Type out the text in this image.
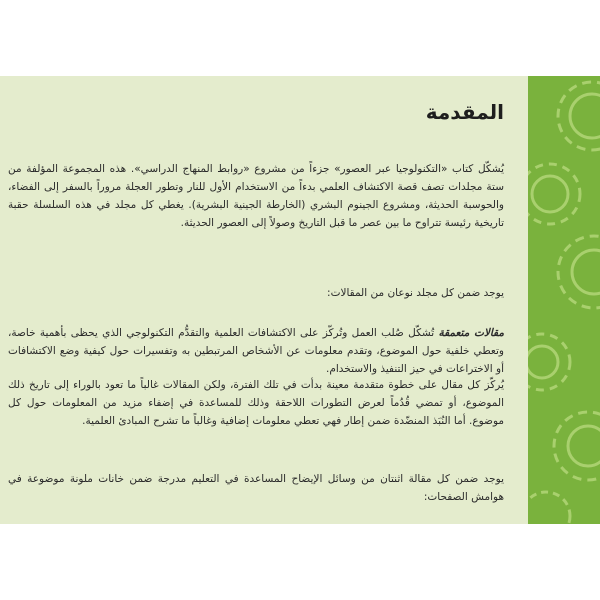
المقدمة

يُشكّل كتاب «التكنولوجيا عبر العصور» جزءاً من مشروع «روابط المنهاج الدراسي». هذه المجموعة المؤلفة من ستة مجلدات تصف قصة الاكتشاف العلمي بدءاً من الاستخدام الأول للنار وتطور العجلة مروراً بالسفر إلى الفضاء، والحوسبة الحديثة، ومشروع الجينوم البشري (الخارطة الجينية البشرية). يغطي كل مجلد في هذه السلسلة حقبة تاريخية رئيسة تتراوح ما بين عصر ما قبل التاريخ وصولاً إلى العصور الحديثة.

يوجد ضمن كل مجلد نوعان من المقالات:

مقالات متعمقة تُشكّل صُلب العمل وتُركّز على الاكتشافات العلمية والتقدُّم التكنولوجي الذي يحظى بأهمية خاصة، وتعطي خلفية حول الموضوع، وتقدم معلومات عن الأشخاص المرتبطين به وتفسيرات حول كيفية وضع الاكتشافات أو الاختراعات في حيز التنفيذ والاستخدام.

يُركّز كل مقال على خطوة متقدمة معينة بدأت في تلك الفترة، ولكن المقالات غالباً ما تعود بالوراء إلى تاريخ ذلك الموضوع، أو تمضي قُدُماً لعرض التطورات اللاحقة وذلك للمساعدة في إضفاء مزيد من المعلومات حول كل موضوع. أما النُبَذ المنضّدة ضمن إطار فهي تعطي معلومات إضافية وغالباً ما تشرح المبادئ العلمية.

يوجد ضمن كل مقالة اثنتان من وسائل الإيضاح المساعدة في التعليم مدرجة ضمن خانات ملونة موضوعة في هوامش الصفحات:
